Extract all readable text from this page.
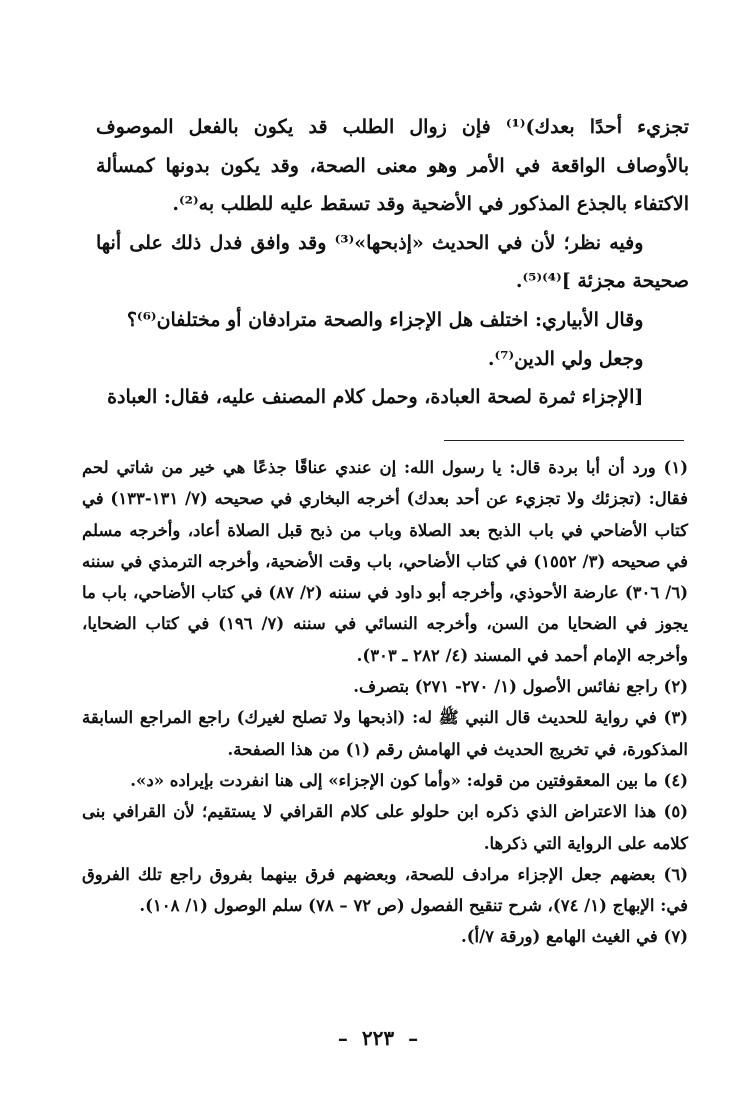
تجزيء أحدًا بعدك)⁽¹⁾ فإن زوال الطلب قد يكون بالفعل الموصوف بالأوصاف الواقعة في الأمر وهو معنى الصحة، وقد يكون بدونها كمسألة الاكتفاء بالجذع المذكور في الأضحية وقد تسقط عليه للطلب به⁽²⁾.

وفيه نظر؛ لأن في الحديث «إذبحها»⁽³⁾ وقد وافق فدل ذلك على أنها صحيحة مجزئة ]⁽⁴⁾⁽⁵⁾.

وقال الأبياري: اختلف هل الإجزاء والصحة مترادفان أو مختلفان⁽⁶⁾؟

وجعل ولي الدين⁽⁷⁾.

[الإجزاء ثمرة لصحة العبادة، وحمل كلام المصنف عليه، فقال: العبادة

(١) ورد أن أبا بردة قال: يا رسول الله: إن عندي عناقًا جذعًا هي خير من شاتي لحم فقال: (تجزئك ولا تجزيء عن أحد بعدك) أخرجه البخاري في صحيحه (٧/ ١٣١-١٣٣) في كتاب الأضاحي في باب الذبح بعد الصلاة وباب من ذبح قبل الصلاة أعاد، وأخرجه مسلم في صحيحه (٣/ ١٥٥٢) في كتاب الأضاحي، باب وقت الأضحية، وأخرجه الترمذي في سننه (٦/ ٣٠٦) عارضة الأحوذي، وأخرجه أبو داود في سننه (٢/ ٨٧) في كتاب الأضاحي، باب ما يجوز في الضحايا من السن، وأخرجه النسائي في سننه (٧/ ١٩٦) في كتاب الضحايا، وأخرجه الإمام أحمد في المسند (٤/ ٢٨٢ ـ ٣٠٣).

(٢) راجع نفائس الأصول (١/ ٢٧٠- ٢٧١) بتصرف.

(٣) في رواية للحديث قال النبي ﷺ له: (اذبحها ولا تصلح لغيرك) راجع المراجع السابقة المذكورة، في تخريج الحديث في الهامش رقم (١) من هذا الصفحة.

(٤) ما بين المعقوفتين من قوله: «وأما كون الإجزاء» إلى هنا انفردت بإيراده «د».

(٥) هذا الاعتراض الذي ذكره ابن حلولو على كلام القرافي لا يستقيم؛ لأن القرافي بنى كلامه على الرواية التي ذكرها.

(٦) بعضهم جعل الإجزاء مرادف للصحة، وبعضهم فرق بينهما بفروق راجع تلك الفروق في: الإبهاج (١/ ٧٤)، شرح تنقيح الفصول (ص ٧٢ – ٧٨) سلم الوصول (١/ ١٠٨).

(٧) في الغيث الهامع (ورقة ٧/أ).

–٢٢٣–
